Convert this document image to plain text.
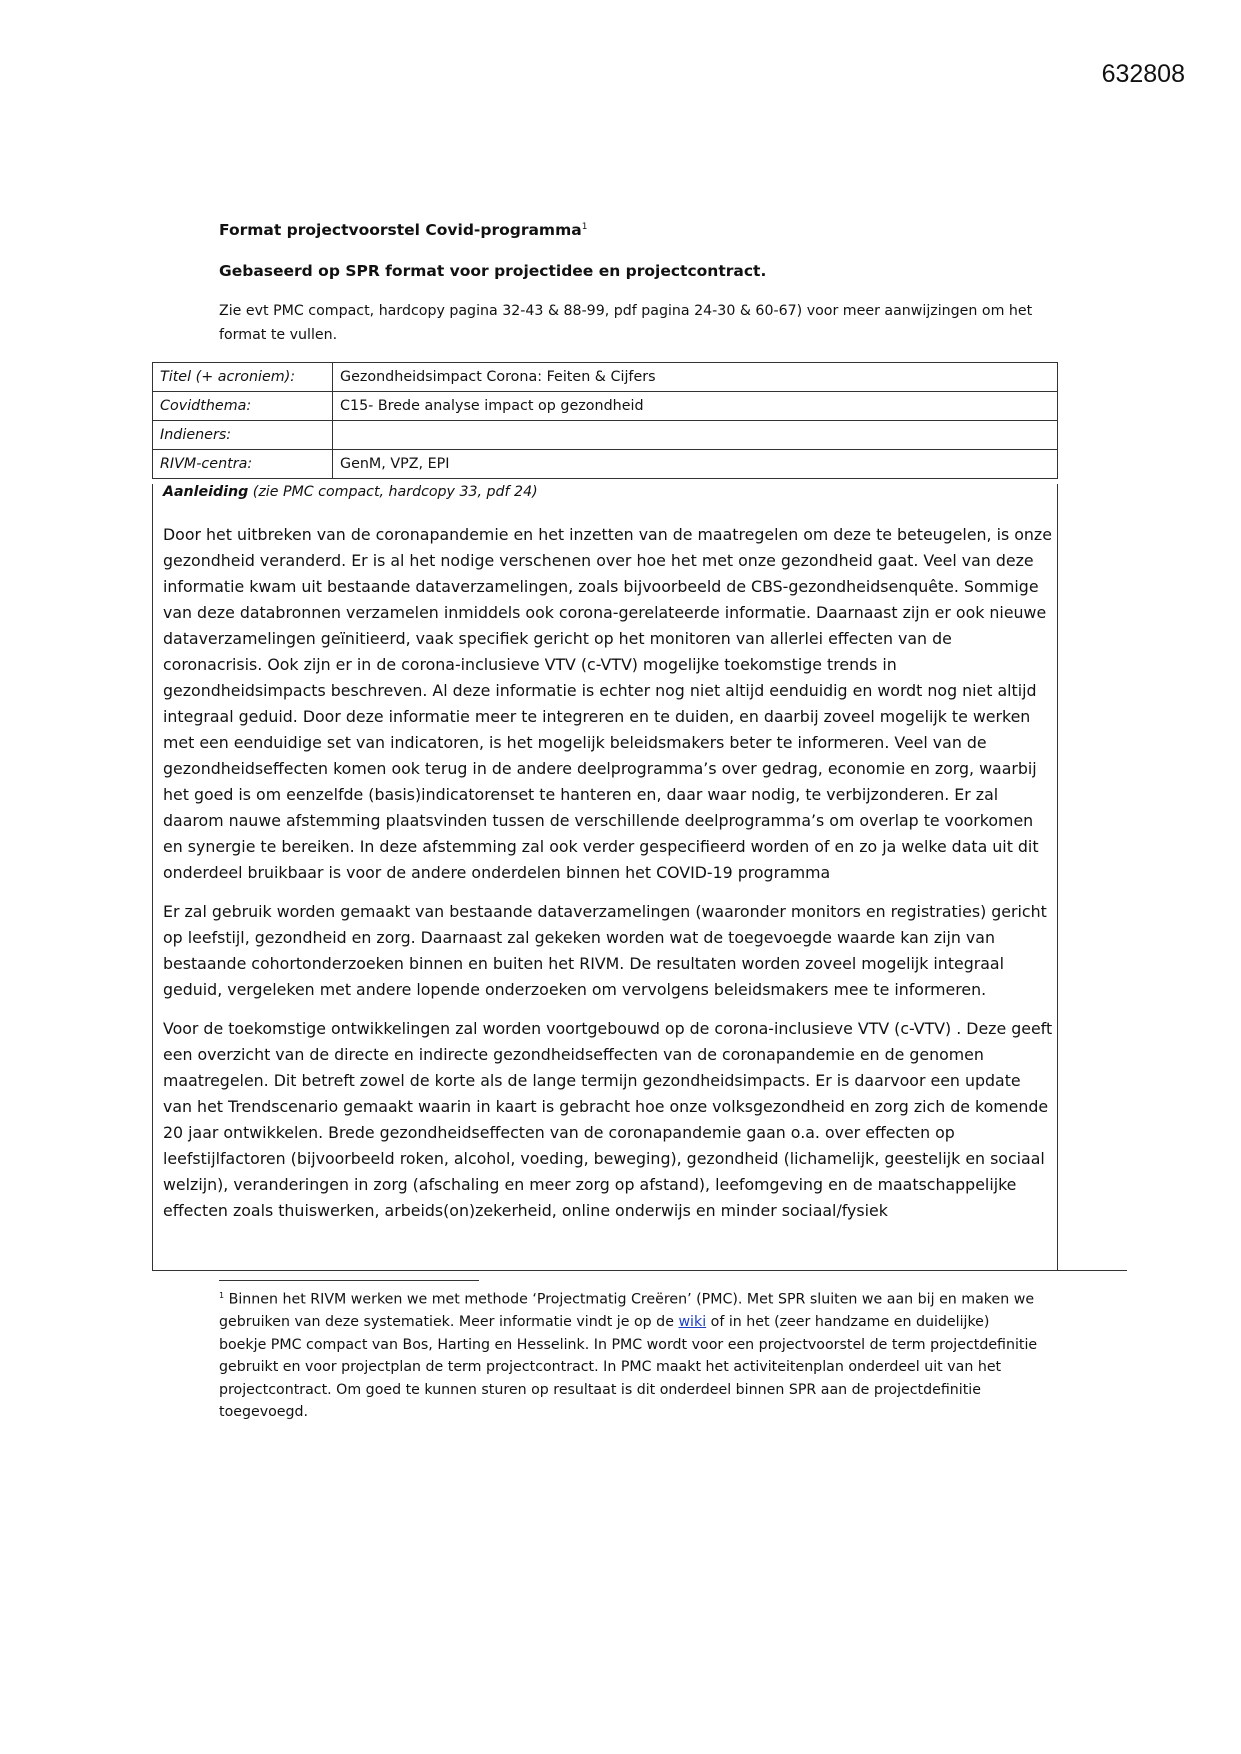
632808
Format projectvoorstel Covid-programma$^1$
Gebaseerd op SPR format voor projectidee en projectcontract.
Zie evt PMC compact, hardcopy pagina 32-43 & 88-99, pdf pagina 24-30 & 60-67) voor meer aanwijzingen om het format te vullen.
Titel (+ acroniem):	Gezondheidsimpact Corona: Feiten & Cijfers
Covidthema:	C15- Brede analyse impact op gezondheid
Indieners:	
RIVM-centra:	GenM, VPZ, EPI
Aanleiding (zie PMC compact, hardcopy 33, pdf 24)

Door het uitbreken van de coronapandemie en het inzetten van de maatregelen om deze te beteugelen, is onze gezondheid veranderd. Er is al het nodige verschenen over hoe het met onze gezondheid gaat. Veel van deze informatie kwam uit bestaande dataverzamelingen, zoals bijvoorbeeld de CBS-gezondheidsenquête. Sommige van deze databronnen verzamelen inmiddels ook corona-gerelateerde informatie. Daarnaast zijn er ook nieuwe dataverzamelingen geïnitieerd, vaak specifiek gericht op het monitoren van allerlei effecten van de coronacrisis. Ook zijn er in de corona-inclusieve VTV (c-VTV) mogelijke toekomstige trends in gezondheidsimpacts beschreven. Al deze informatie is echter nog niet altijd eenduidig en wordt nog niet altijd integraal geduid. Door deze informatie meer te integreren en te duiden, en daarbij zoveel mogelijk te werken met een eenduidige set van indicatoren, is het mogelijk beleidsmakers beter te informeren. Veel van de gezondheidseffecten komen ook terug in de andere deelprogramma’s over gedrag, economie en zorg, waarbij het goed is om eenzelfde (basis)indicatorenset te hanteren en, daar waar nodig, te verbijzonderen. Er zal daarom nauwe afstemming plaatsvinden tussen de verschillende deelprogramma’s om overlap te voorkomen en synergie te bereiken. In deze afstemming zal ook verder gespecifieerd worden of en zo ja welke data uit dit onderdeel bruikbaar is voor de andere onderdelen binnen het COVID-19 programma

Er zal gebruik worden gemaakt van bestaande dataverzamelingen (waaronder monitors en registraties) gericht op leefstijl, gezondheid en zorg. Daarnaast zal gekeken worden wat de toegevoegde waarde kan zijn van bestaande cohortonderzoeken binnen en buiten het RIVM. De resultaten worden zoveel mogelijk integraal geduid, vergeleken met andere lopende onderzoeken om vervolgens beleidsmakers mee te informeren.

Voor de toekomstige ontwikkelingen zal worden voortgebouwd op de corona-inclusieve VTV (c-VTV) . Deze geeft een overzicht van de directe en indirecte gezondheidseffecten van de coronapandemie en de genomen maatregelen. Dit betreft zowel de korte als de lange termijn gezondheidsimpacts. Er is daarvoor een update van het Trendscenario gemaakt waarin in kaart is gebracht hoe onze volksgezondheid en zorg zich de komende 20 jaar ontwikkelen. Brede gezondheidseffecten van de coronapandemie gaan o.a. over effecten op leefstijlfactoren (bijvoorbeeld roken, alcohol, voeding, beweging), gezondheid (lichamelijk, geestelijk en sociaal welzijn), veranderingen in zorg (afschaling en meer zorg op afstand), leefomgeving en de maatschappelijke effecten zoals thuiswerken, arbeids(on)zekerheid, online onderwijs en minder sociaal/fysiek

$^1$ Binnen het RIVM werken we met methode ‘Projectmatig Creëren’ (PMC). Met SPR sluiten we aan bij en maken we gebruiken van deze systematiek. Meer informatie vindt je op de wiki of in het (zeer handzame en duidelijke) boekje PMC compact van Bos, Harting en Hesselink. In PMC wordt voor een projectvoorstel de term projectdefinitie gebruikt en voor projectplan de term projectcontract. In PMC maakt het activiteitenplan onderdeel uit van het projectcontract. Om goed te kunnen sturen op resultaat is dit onderdeel binnen SPR aan de projectdefinitie toegevoegd.
